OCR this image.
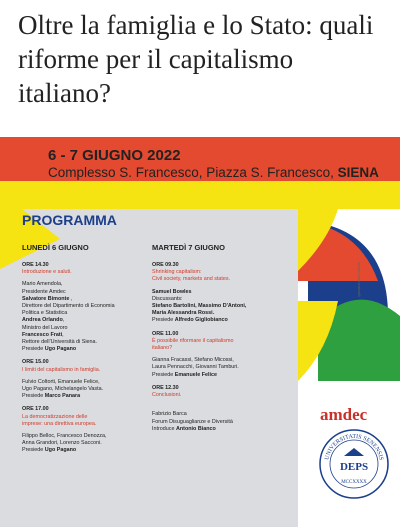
Oltre la famiglia e lo Stato: quali riforme per il capitalismo italiano?
6 - 7 GIUGNO 2022
Complesso S. Francesco, Piazza S. Francesco, SIENA
PROGRAMMA
LUNEDÌ 6 GIUGNO	MARTEDÌ 7 GIUGNO

ORE 14.30

Introduzione e saluti.

Mario Amendola,

Presidente Amdec

Salvatore Bimonte ,

Direttore del Dipartimento di Economia

Politica e Statistica

Andrea Orlando,

Ministro del Lavoro

Francesco Frati,

Rettore dell'Università di Siena.

Presiede Ugo Pagano

ORE 15.00

I limiti del capitalismo in famiglia.

Fulvio Coltorti, Emanuele Felice,

Ugo Pagano, Michelangelo Vasta.

Presiede Marco Panara

ORE 17.00

La democratizzazione delle

imprese: una direttiva europea.

Filippo Belloc, Francesco Denozza,

Anna Grandori, Lorenzo Sacconi.

Presiede Ugo Pagano

ORE 09.30

Shrinking capitalism:

Civil society, markets and states.

Samuel Bowles

Discussants:

Stefano Bartolini, Massimo D'Antoni,

Maria Alessandra Rossi.

Presiede Alfredo Gigliobianco

ORE 11.00

È possibile riformare il capitalismo

italiano?

Gianna Fracassi, Stefano Micossi,

Laura Pennacchi, Giovanni Tamburi.

Presiede Emanuele Felice

ORE 12.30

Conclusioni.

Fabrizio Barca

Forum Disuguaglianze e Diversità

Introduce Antonio Bianco

design paolo marinelli
amdec
UNIVERSITATIS SENENSIS
DEPS
MCCXXXX
